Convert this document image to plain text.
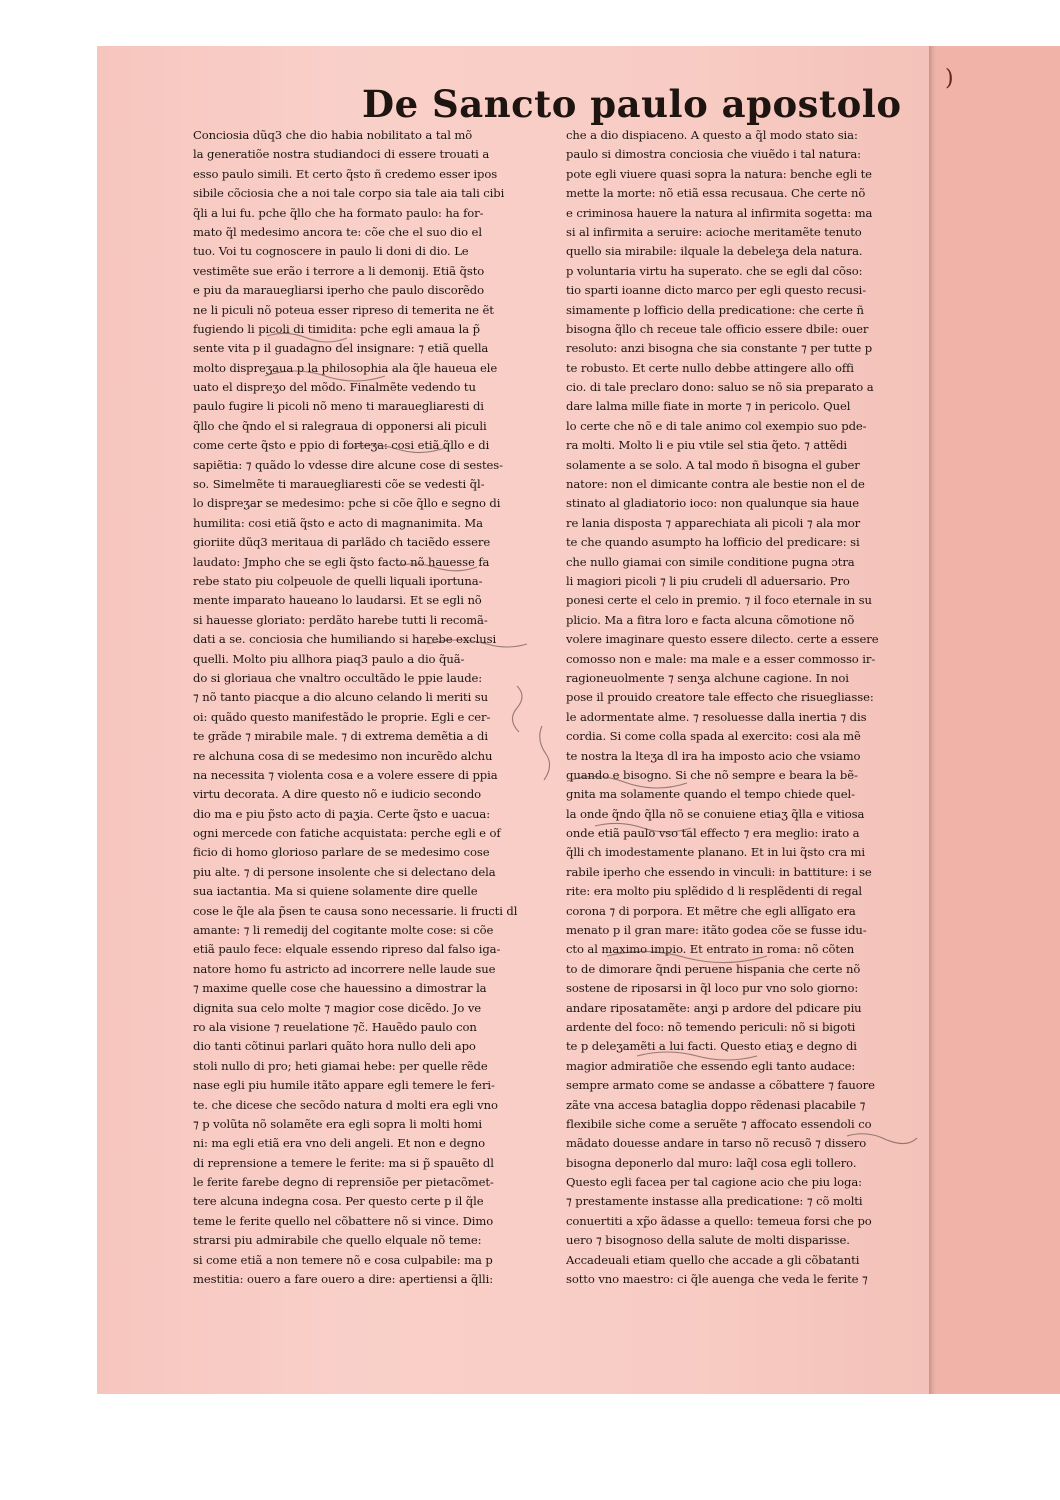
)
De Sancto paulo apostolo
Conciosia dũq3 che dio habia nobilitato a tal mõ
la generatiõe nostra studiandoci di essere trouati a
esso paulo simili. Et certo q̃sto ñ credemo esser ipos
sibile cõciosia che a noi tale corpo sia tale aia tali cibi
q̃li a lui fu. pche q̃llo che ha formato paulo: ha for-
mato q̃l medesimo ancora te: cõe che el suo dio el
tuo. Voi tu cognoscere in paulo li doni di dio. Le
vestimẽte sue erão i terrore a li demonij. Etiã q̃sto
e piu da marauegliarsi iperho che paulo discorẽdo
ne li piculi nõ poteua esser ripreso di temerita ne ẽt
fugiendo li picoli di timidita: pche egli amaua la p̃
sente vita p il guadagno del insignare: ⁊ etiã quella
molto dispreʒaua p la philosophia ala q̃le haueua ele
uato el dispreʒo del mõdo. Finalmẽte vedendo tu
paulo fugire li picoli nõ meno ti marauegliaresti di
q̃llo che q̃ndo el si ralegraua di opponersi ali piculi
come certe q̃sto e ppio di forteʒa: cosi etiã q̃llo e di
sapiẽtia: ⁊ quãdo lo vdesse dire alcune cose di sestes-
so. Simelmẽte ti marauegliaresti cõe se vedesti q̃l-
lo dispreʒar se medesimo: pche si cõe q̃llo e segno di
humilita: cosi etiã q̃sto e acto di magnanimita. Ma
gioriite dũq3 meritaua di parlãdo ch taciẽdo essere
laudato: Jmpho che se egli q̃sto facto nõ hauesse fa
rebe stato piu colpeuole de quelli liquali iportuna-
mente imparato haueano lo laudarsi. Et se egli nõ
si hauesse gloriato: perdãto harebe tutti li recomã-
dati a se. conciosia che humiliando si harebe exclusi
quelli. Molto piu allhora piaq3 paulo a dio q̃uã-
do si gloriaua che vnaltro occultãdo le ppie laude:
⁊ nõ tanto piacque a dio alcuno celando li meriti su
oi: quãdo questo manifestãdo le proprie. Egli e cer-
te grãde ⁊ mirabile male. ⁊ di extrema demẽtia a di
re alchuna cosa di se medesimo non incurẽdo alchu
na necessita ⁊ violenta cosa e a volere essere di ppia
virtu decorata. A dire questo nõ e iudicio secondo
dio ma e piu p̃sto acto di paʒia. Certe q̃sto e uacua:
ogni mercede con fatiche acquistata: perche egli e of
ficio di homo glorioso parlare de se medesimo cose
piu alte. ⁊ di persone insolente che si delectano dela
sua iactantia. Ma si quiene solamente dire quelle
cose le q̃le ala p̃sen te causa sono necessarie. li fructi dl
amante: ⁊ li remedij del cogitante molte cose: si cõe
etiã paulo fece: elquale essendo ripreso dal falso iga-
natore homo fu astricto ad incorrere nelle laude sue
⁊ maxime quelle cose che hauessino a dimostrar la
dignita sua celo molte ⁊ magior cose dicẽdo. Jo ve
ro ala visione ⁊ reuelatione ⁊c̃. Hauẽdo paulo con
dio tanti cõtinui parlari quãto hora nullo deli apo
stoli nullo di pro; heti giamai hebe: per quelle rẽde
nase egli piu humile itãto appare egli temere le feri-
te. che dicese che secõdo natura d molti era egli vno
⁊ p volũta nõ solamẽte era egli sopra li molti homi
ni: ma egli etiã era vno deli angeli. Et non e degno
di reprensione a temere le ferite: ma si p̃ spauẽto dl
le ferite farebe degno di reprensiõe per pietacõmet-
tere alcuna indegna cosa. Per questo certe p il q̃le
teme le ferite quello nel cõbattere nõ si vince. Dimo
strarsi piu admirabile che quello elquale nõ teme:
si come etiã a non temere nõ e cosa culpabile: ma p
mestitia: ouero a fare ouero a dire: apertiensi a q̃lli:
che a dio dispiaceno. A questo a q̃l modo stato sia:
paulo si dimostra conciosia che viuẽdo i tal natura:
pote egli viuere quasi sopra la natura: benche egli te
mette la morte: nõ etiã essa recusaua. Che certe nõ
e criminosa hauere la natura al infirmita sogetta: ma
si al infirmita a seruire: acioche meritamẽte tenuto
quello sia mirabile: ilquale la debeleʒa dela natura.
p voluntaria virtu ha superato. che se egli dal cõso:
tio sparti ioanne dicto marco per egli questo recusi-
simamente p lofficio della predicatione: che certe ñ
bisogna q̃llo ch receue tale officio essere dbile: ouer
resoluto: anzi bisogna che sia constante ⁊ per tutte p
te robusto. Et certe nullo debbe attingere allo offi
cio. di tale preclaro dono: saluo se nõ sia preparato a
dare lalma mille fiate in morte ⁊ in pericolo. Quel
lo certe che nõ e di tale animo col exempio suo pde-
ra molti. Molto li e piu vtile sel stia q̃eto. ⁊ attẽdi
solamente a se solo. A tal modo ñ bisogna el guber
natore: non el dimicante contra ale bestie non el de
stinato al gladiatorio ioco: non qualunque sia haue
re lania disposta ⁊ apparechiata ali picoli ⁊ ala mor
te che quando asumpto ha lofficio del predicare: si
che nullo giamai con simile conditione pugna ɔtra
li magiori picoli ⁊ li piu crudeli dl aduersario. Pro
ponesi certe el celo in premio. ⁊ il foco eternale in su
plicio. Ma a fitra loro e facta alcuna cõmotione nõ
volere imaginare questo essere dilecto. certe a essere
comosso non e male: ma male e a esser commosso ir-
ragioneuolmente ⁊ senʒa alchune cagione. In noi
pose il prouido creatore tale effecto che risuegliasse:
le adormentate alme. ⁊ resoluesse dalla inertia ⁊ dis
cordia. Si come colla spada al exercito: cosi ala mẽ
te nostra la lteʒa dl ira ha imposto acio che vsiamo
quando e bisogno. Si che nõ sempre e beara la bẽ-
gnita ma solamente quando el tempo chiede quel-
la onde q̃ndo q̃lla nõ se conuiene etiaʒ q̃lla e vitiosa
onde etiã paulo vso tal effecto ⁊ era meglio: irato a
q̃lli ch imodestamente planano. Et in lui q̃sto cra mi
rabile iperho che essendo in vinculi: in battiture: i se
rite: era molto piu splẽdido d li resplẽdenti di regal
corona ⁊ di porpora. Et mẽtre che egli allīgato era
menato p il gran mare: itãto godea cõe se fusse idu-
cto al maximo impio. Et entrato in roma: nõ cõten
to de dimorare q̃ndi peruene hispania che certe nõ
sostene de riposarsi in q̃l loco pur vno solo giorno:
andare riposatamẽte: anʒi p ardore del pdicare piu
ardente del foco: nõ temendo periculi: nõ si bigoti
te p deleʒamẽti a lui facti. Questo etiaʒ e degno di
magior admiratiõe che essendo egli tanto audace:
sempre armato come se andasse a cõbattere ⁊ fauore
zãte vna accesa bataglia doppo rẽdenasi placabile ⁊
flexibile siche come a seruẽte ⁊ affocato essendoli co
mãdato douesse andare in tarso nõ recusõ ⁊ dissero
bisogna deponerlo dal muro: laq̃l cosa egli tollero.
Questo egli facea per tal cagione acio che piu loga:
⁊ prestamente instasse alla predicatione: ⁊ cõ molti
conuertiti a xp̃o ãdasse a quello: temeua forsi che po
uero ⁊ bisognoso della salute de molti disparisse.
Accadeuali etiam quello che accade a gli cõbatanti
sotto vno maestro: ci q̃le auenga che veda le ferite ⁊
